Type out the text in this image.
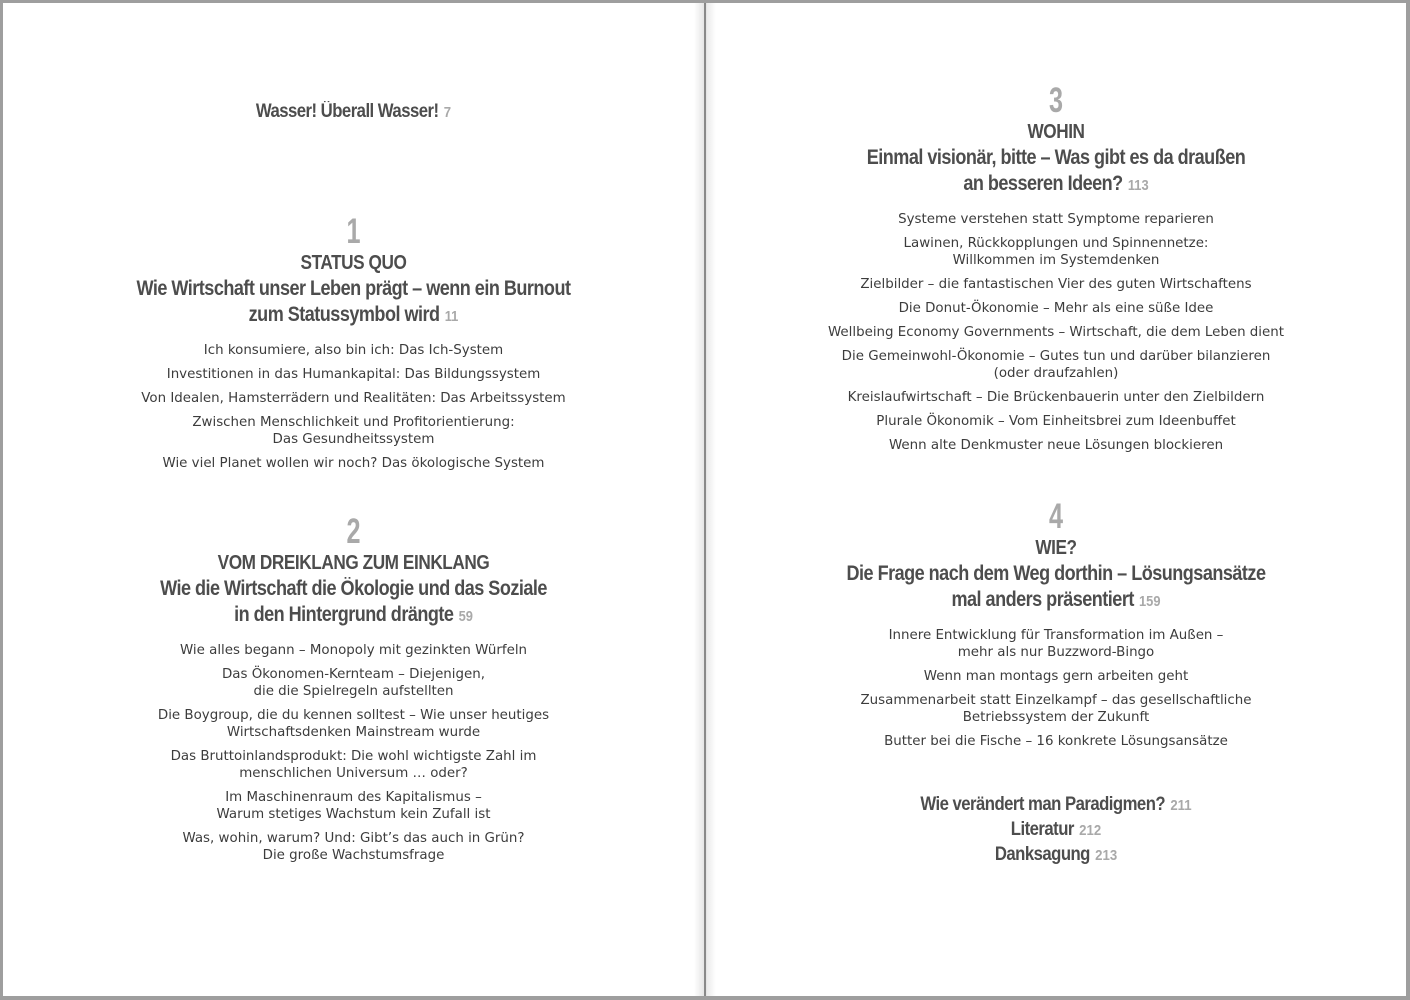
Wasser! Überall Wasser! 7
1
STATUS QUO
Wie Wirtschaft unser Leben prägt – wenn ein Burnout
zum Statussymbol wird 11
Ich konsumiere, also bin ich: Das Ich-System
Investitionen in das Humankapital: Das Bildungssystem
Von Idealen, Hamsterrädern und Realitäten: Das Arbeitssystem
Zwischen Menschlichkeit und Profitorientierung:
Das Gesundheitssystem
Wie viel Planet wollen wir noch? Das ökologische System
2
VOM DREIKLANG ZUM EINKLANG
Wie die Wirtschaft die Ökologie und das Soziale
in den Hintergrund drängte 59
Wie alles begann – Monopoly mit gezinkten Würfeln
Das Ökonomen-Kernteam – Diejenigen,
die die Spielregeln aufstellten
Die Boygroup, die du kennen solltest – Wie unser heutiges
Wirtschaftsdenken Mainstream wurde
Das Bruttoinlandsprodukt: Die wohl wichtigste Zahl im
menschlichen Universum … oder?
Im Maschinenraum des Kapitalismus –
Warum stetiges Wachstum kein Zufall ist
Was, wohin, warum? Und: Gibt’s das auch in Grün?
Die große Wachstumsfrage
3
WOHIN
Einmal visionär, bitte – Was gibt es da draußen
an besseren Ideen? 113
Systeme verstehen statt Symptome reparieren
Lawinen, Rückkopplungen und Spinnennetze:
Willkommen im Systemdenken
Zielbilder – die fantastischen Vier des guten Wirtschaftens
Die Donut-Ökonomie – Mehr als eine süße Idee
Wellbeing Economy Governments – Wirtschaft, die dem Leben dient
Die Gemeinwohl-Ökonomie – Gutes tun und darüber bilanzieren
(oder draufzahlen)
Kreislaufwirtschaft – Die Brückenbauerin unter den Zielbildern
Plurale Ökonomik – Vom Einheitsbrei zum Ideenbuffet
Wenn alte Denkmuster neue Lösungen blockieren
4
WIE?
Die Frage nach dem Weg dorthin – Lösungsansätze
mal anders präsentiert 159
Innere Entwicklung für Transformation im Außen –
mehr als nur Buzzword-Bingo
Wenn man montags gern arbeiten geht
Zusammenarbeit statt Einzelkampf – das gesellschaftliche
Betriebssystem der Zukunft
Butter bei die Fische – 16 konkrete Lösungsansätze
Wie verändert man Paradigmen? 211
Literatur 212
Danksagung 213
